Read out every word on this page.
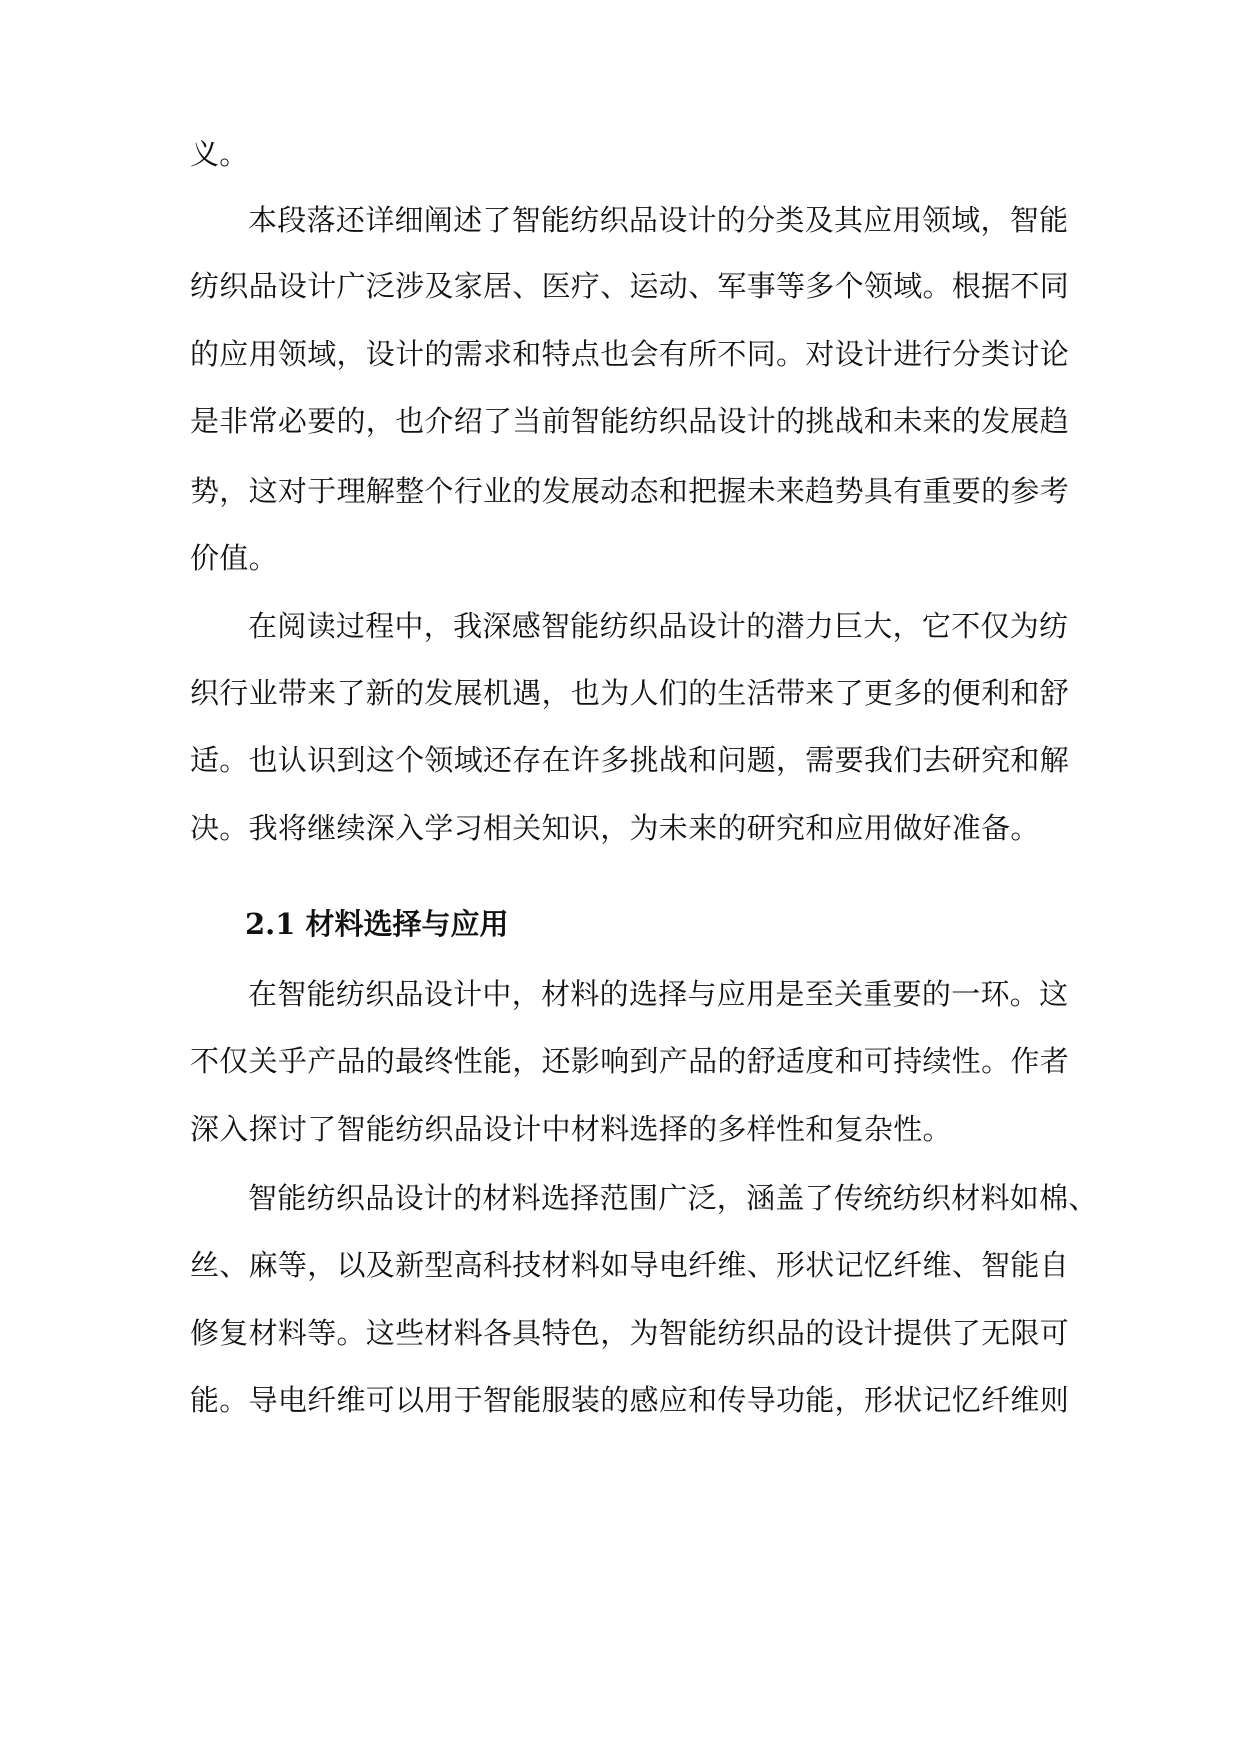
义。
本段落还详细阐述了智能纺织品设计的分类及其应用领域，智能
纺织品设计广泛涉及家居、医疗、运动、军事等多个领域。根据不同
的应用领域，设计的需求和特点也会有所不同。对设计进行分类讨论
是非常必要的，也介绍了当前智能纺织品设计的挑战和未来的发展趋
势，这对于理解整个行业的发展动态和把握未来趋势具有重要的参考
价值。
在阅读过程中，我深感智能纺织品设计的潜力巨大，它不仅为纺
织行业带来了新的发展机遇，也为人们的生活带来了更多的便利和舒
适。也认识到这个领域还存在许多挑战和问题，需要我们去研究和解
决。我将继续深入学习相关知识，为未来的研究和应用做好准备。
2.1 材料选择与应用
在智能纺织品设计中，材料的选择与应用是至关重要的一环。这
不仅关乎产品的最终性能，还影响到产品的舒适度和可持续性。作者
深入探讨了智能纺织品设计中材料选择的多样性和复杂性。
智能纺织品设计的材料选择范围广泛，涵盖了传统纺织材料如棉、
丝、麻等，以及新型高科技材料如导电纤维、形状记忆纤维、智能自
修复材料等。这些材料各具特色，为智能纺织品的设计提供了无限可
能。导电纤维可以用于智能服装的感应和传导功能，形状记忆纤维则
